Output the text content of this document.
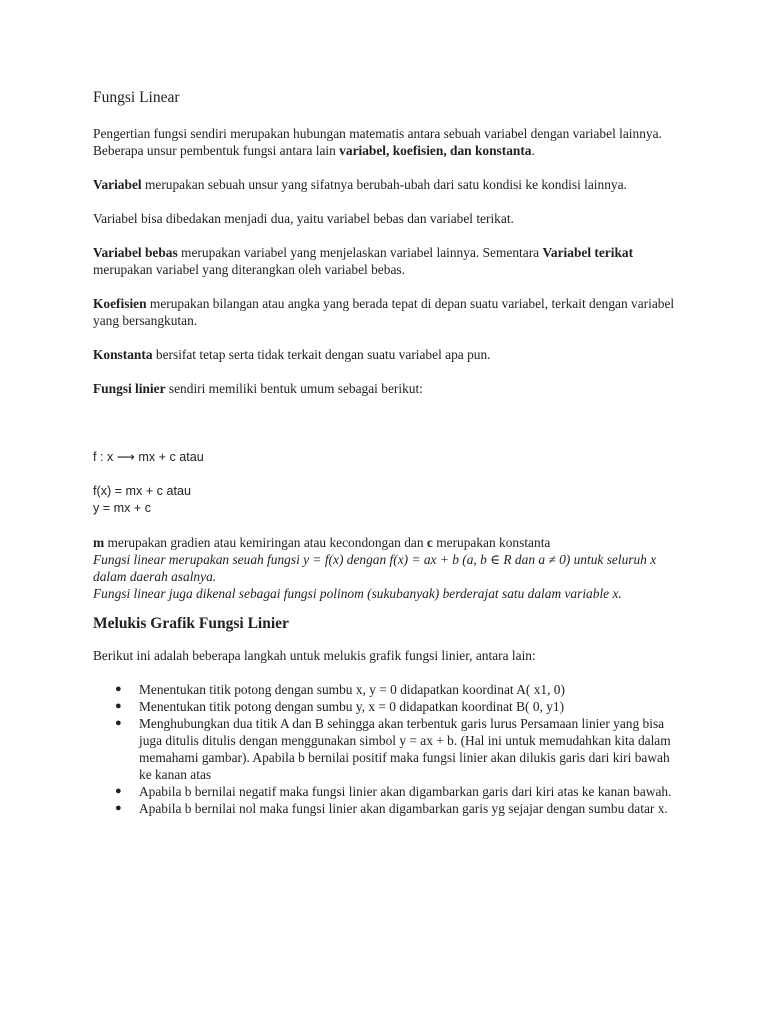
Fungsi Linear

Pengertian fungsi sendiri merupakan hubungan matematis antara sebuah variabel dengan variabel lainnya. Beberapa unsur pembentuk fungsi antara lain variabel, koefisien, dan konstanta.

Variabel merupakan sebuah unsur yang sifatnya berubah-ubah dari satu kondisi ke kondisi lainnya.

Variabel bisa dibedakan menjadi dua, yaitu variabel bebas dan variabel terikat.

Variabel bebas merupakan variabel yang menjelaskan variabel lainnya. Sementara Variabel terikat merupakan variabel yang diterangkan oleh variabel bebas.

Koefisien merupakan bilangan atau angka yang berada tepat di depan suatu variabel, terkait dengan variabel yang bersangkutan.

Konstanta bersifat tetap serta tidak terkait dengan suatu variabel apa pun.

Fungsi linier sendiri memiliki bentuk umum sebagai berikut:

f : x ⟶ mx + c atau

f(x) = mx + c atau

y = mx + c

m merupakan gradien atau kemiringan atau kecondongan dan c merupakan konstanta
Fungsi linear merupakan seuah fungsi y = f(x) dengan f(x) = ax + b (a, b ∈ R dan a ≠ 0) untuk seluruh x dalam daerah asalnya.
Fungsi linear juga dikenal sebagai fungsi polinom (sukubanyak) berderajat satu dalam variable x.
Melukis Grafik Fungsi Linier

Berikut ini adalah beberapa langkah untuk melukis grafik fungsi linier, antara lain:

● Menentukan titik potong dengan sumbu x, y = 0 didapatkan koordinat A( x1, 0)
● Menentukan titik potong dengan sumbu y, x = 0 didapatkan koordinat B( 0, y1)
● Menghubungkan dua titik A dan B sehingga akan terbentuk garis lurus Persamaan linier yang bisa juga ditulis ditulis dengan menggunakan simbol y = ax + b. (Hal ini untuk memudahkan kita dalam memahami gambar). Apabila b bernilai positif maka fungsi linier akan dilukis garis dari kiri bawah ke kanan atas
● Apabila b bernilai negatif maka fungsi linier akan digambarkan garis dari kiri atas ke kanan bawah.
● Apabila b bernilai nol maka fungsi linier akan digambarkan garis yg sejajar dengan sumbu datar x.
